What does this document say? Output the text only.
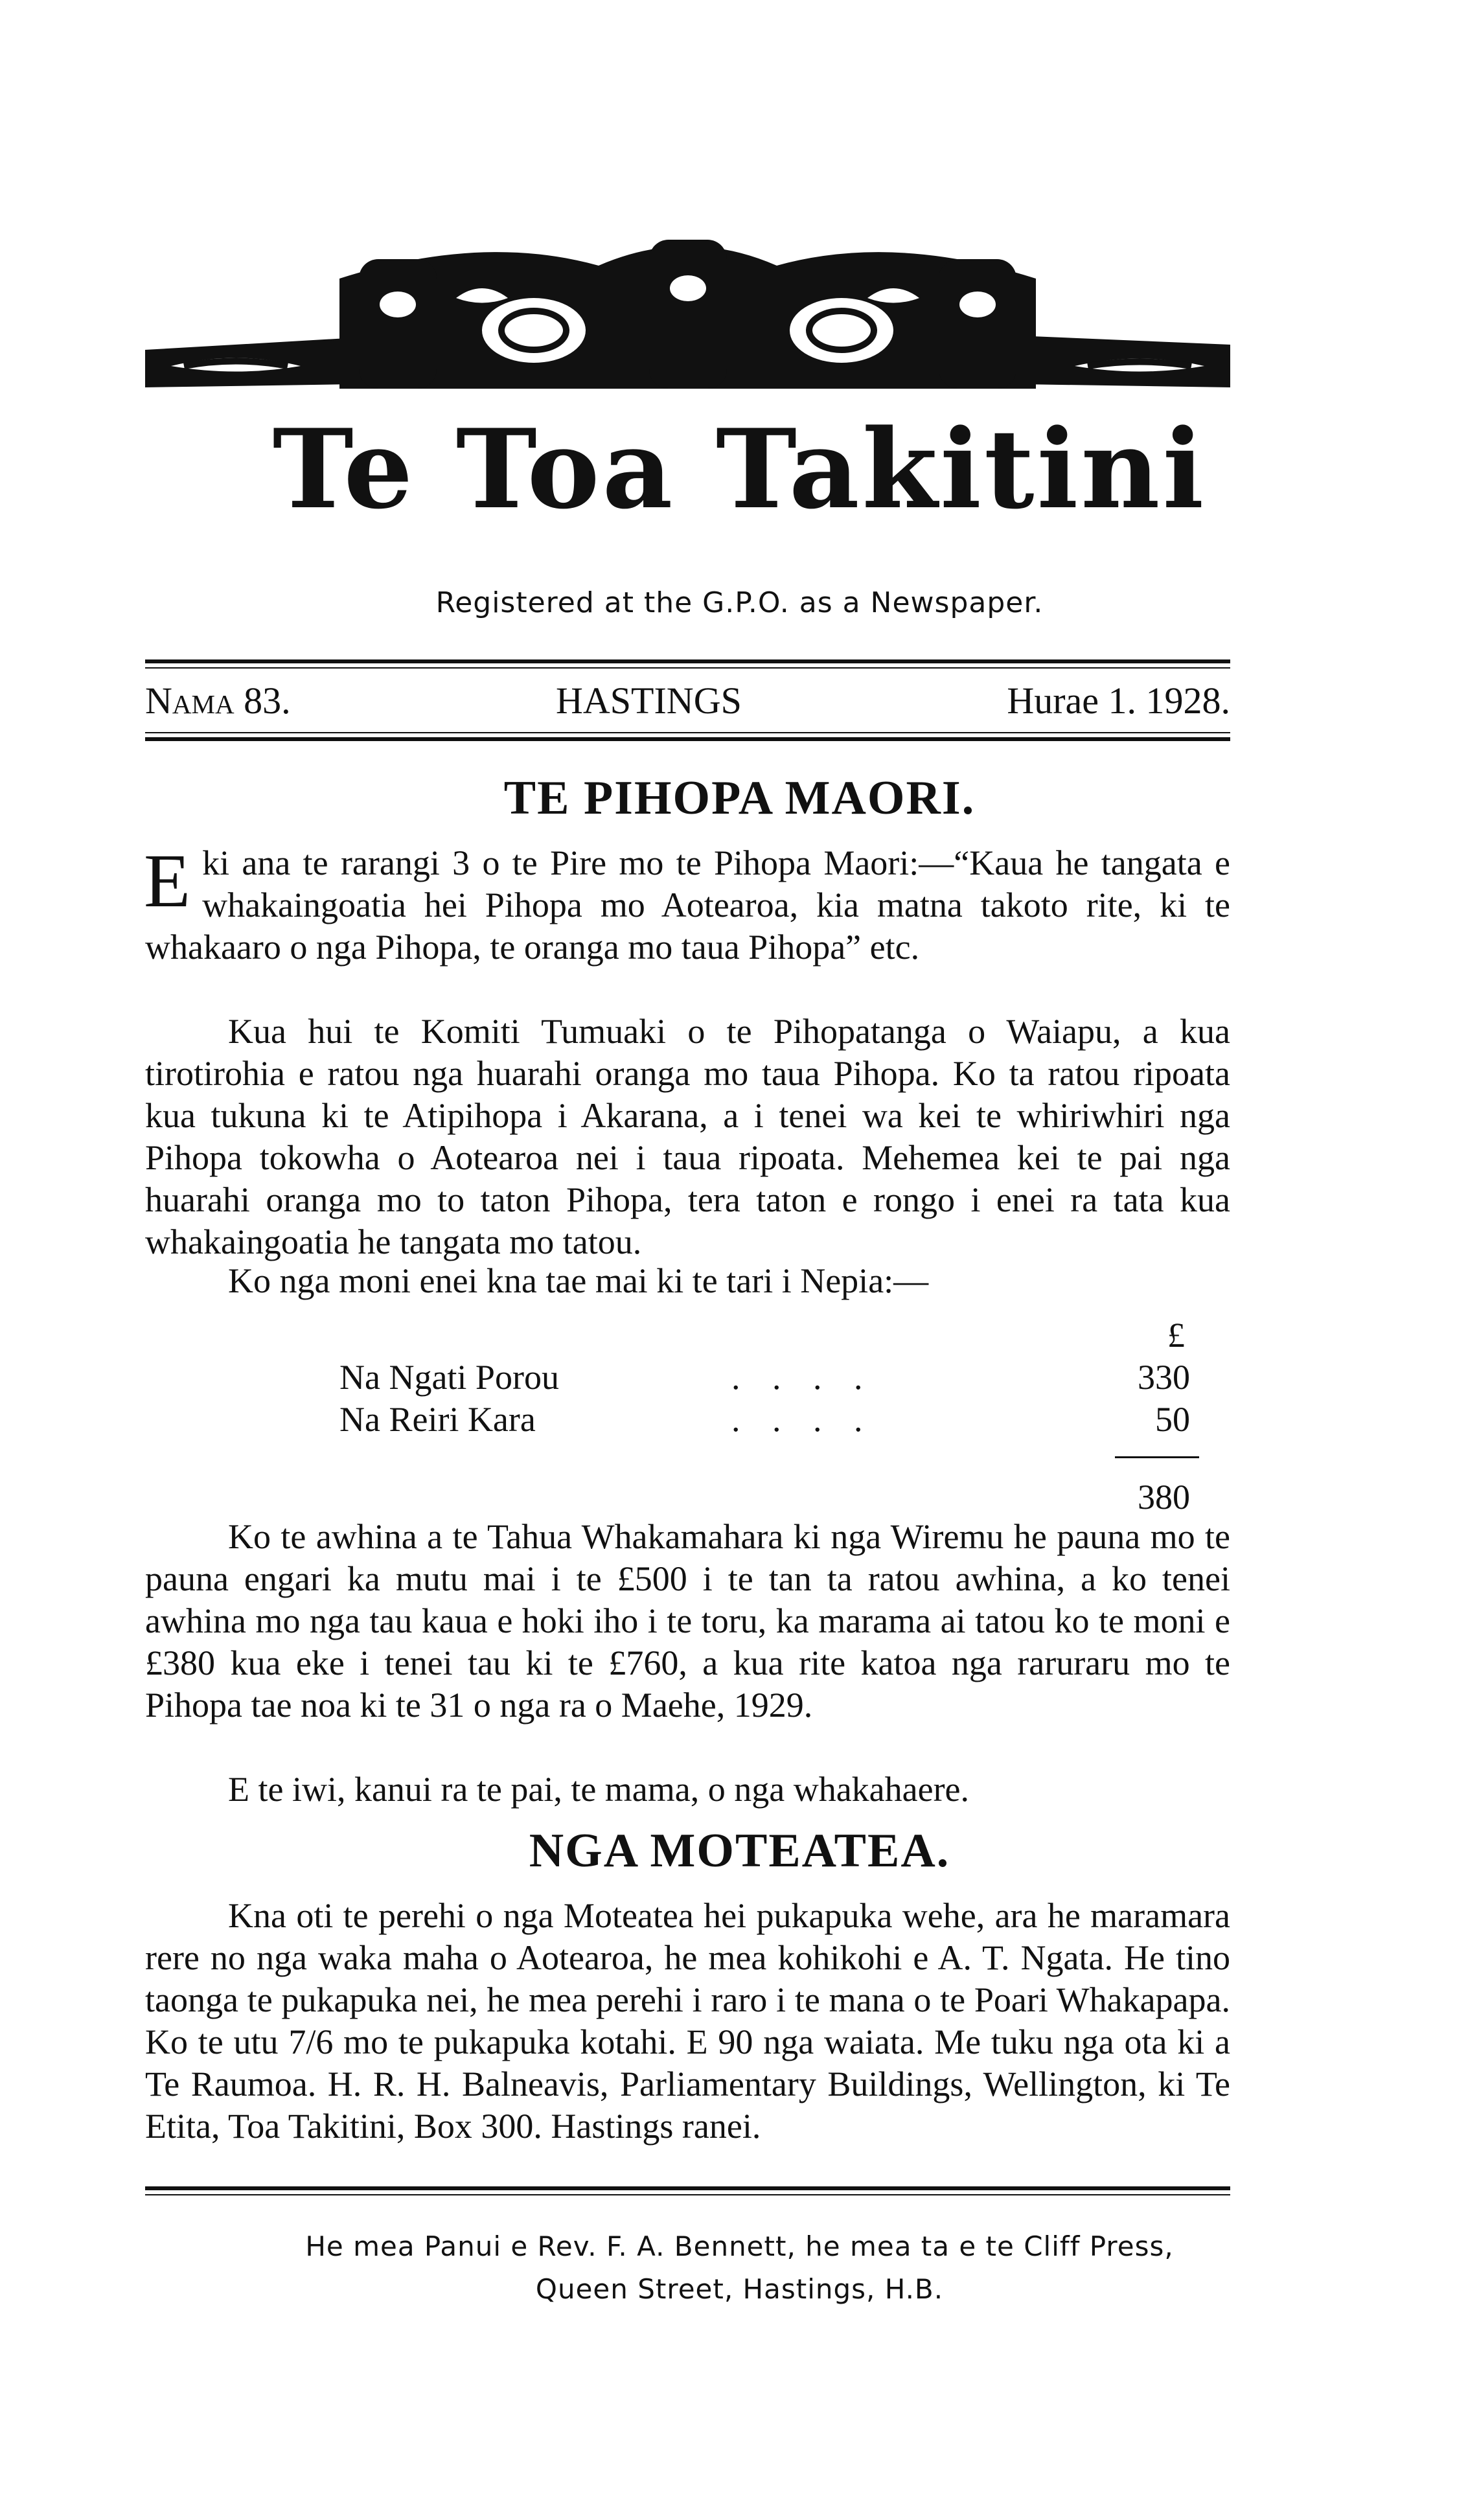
Te Toa Takitini
Registered at the G.P.O. as a Newspaper.
Nama 83.	HASTINGS	Hurae 1. 1928.
TE PIHOPA MAORI.

Eki ana te rarangi 3 o te Pire mo te Pihopa Maori:—“Kaua he tangata e whakaingoatia hei Pihopa mo Aotearoa, kia matna takoto rite, ki te whakaaro o nga Pihopa, te oranga mo taua Pihopa” etc.

Kua hui te Komiti Tumuaki o te Pihopatanga o Waiapu, a kua tirotirohia e ratou nga huarahi oranga mo taua Pihopa. Ko ta ratou ripoata kua tukuna ki te Atipihopa i Akarana, a i tenei wa kei te whiriwhiri nga Pihopa tokowha o Aotearoa nei i taua ripoata. Mehemea kei te pai nga huarahi oranga mo to taton Pihopa, tera taton e rongo i enei ra tata kua whakaingoatia he tangata mo tatou.

Ko nga moni enei kna tae mai ki te tari i Nepia:—

£
Na Ngati Porou	. . . .	330
Na Reiri Kara	. . . .	50
380

Ko te awhina a te Tahua Whakamahara ki nga Wiremu he pauna mo te pauna engari ka mutu mai i te £500 i te tan ta ratou awhina, a ko tenei awhina mo nga tau kaua e hoki iho i te toru, ka marama ai tatou ko te moni e £380 kua eke i tenei tau ki te £760, a kua rite katoa nga raruraru mo te Pihopa tae noa ki te 31 o nga ra o Maehe, 1929.

E te iwi, kanui ra te pai, te mama, o nga whakahaere.

NGA MOTEATEA.

Kna oti te perehi o nga Moteatea hei pukapuka wehe, ara he maramara rere no nga waka maha o Aotearoa, he mea kohikohi e A. T. Ngata. He tino taonga te pukapuka nei, he mea perehi i raro i te mana o te Poari Whakapapa. Ko te utu 7/6 mo te pukapuka kotahi. E 90 nga waiata. Me tuku nga ota ki a Te Raumoa. H. R. H. Balneavis, Parliamentary Buildings, Wellington, ki Te Etita, Toa Takitini, Box 300. Hastings ranei.

He mea Panui e Rev. F. A. Bennett, he mea ta e te Cliff Press,
Queen Street, Hastings, H.B.
